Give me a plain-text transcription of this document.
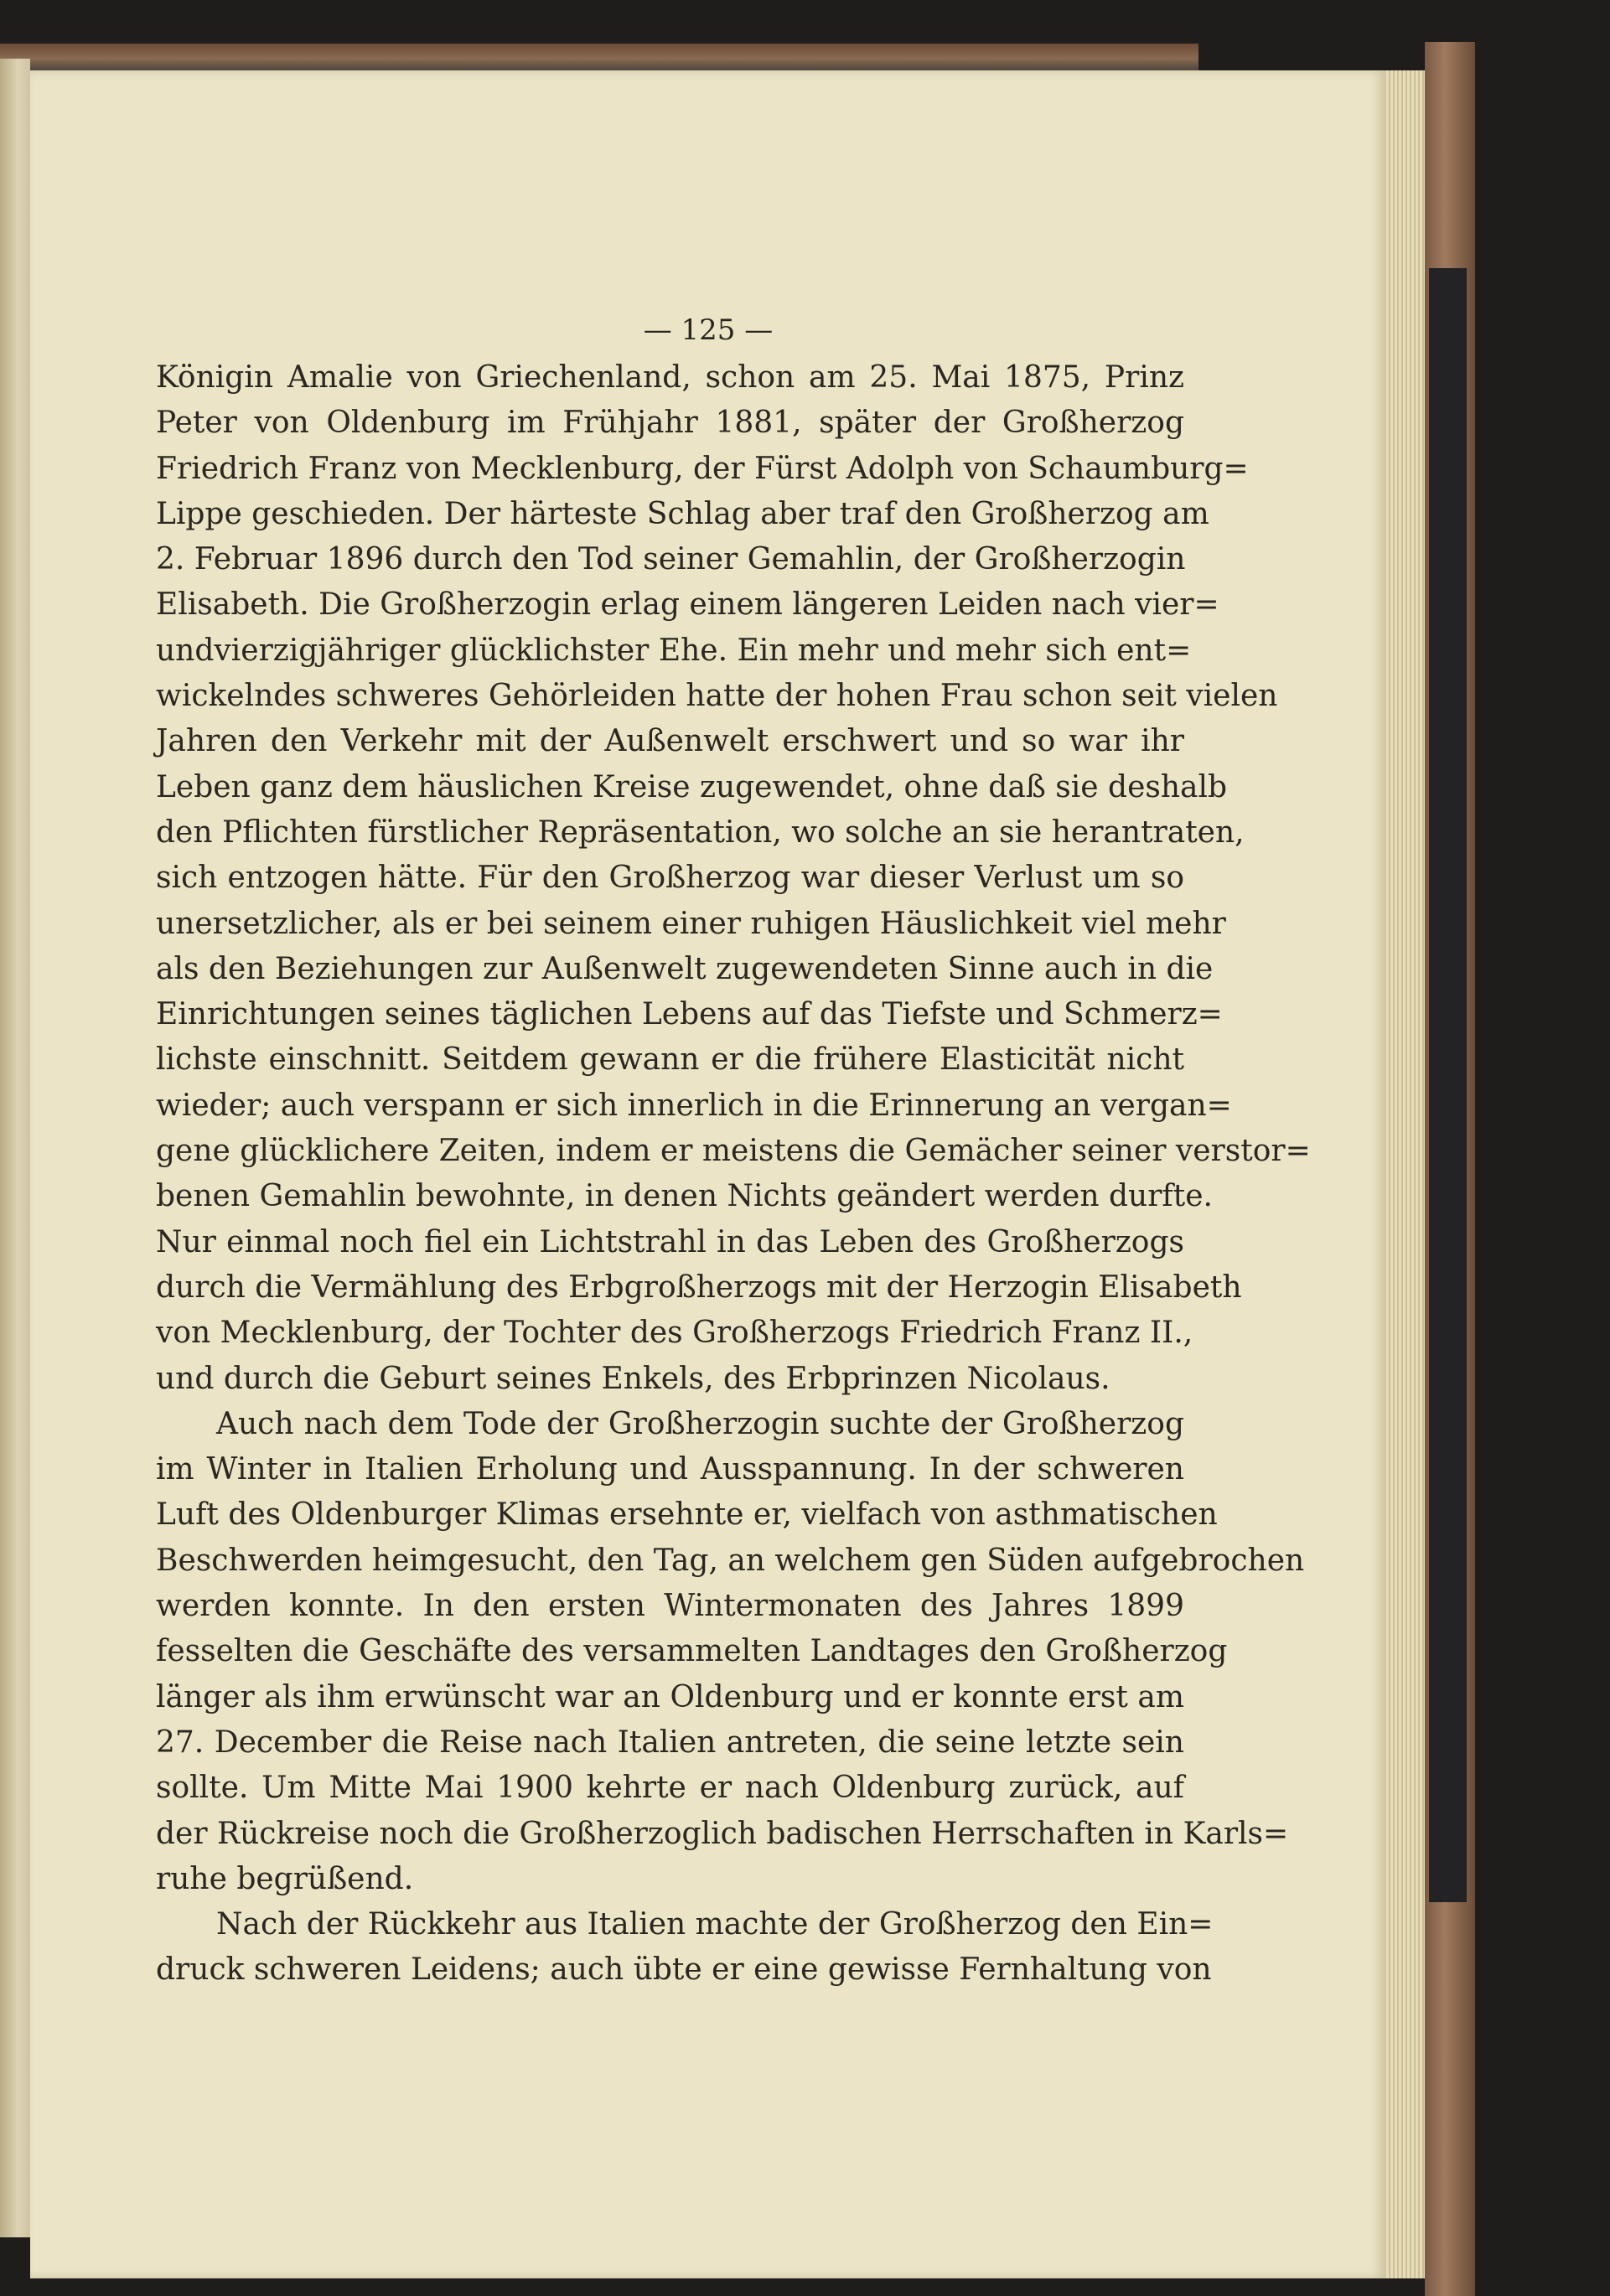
— 125 —
Königin Amalie von Griechenland, schon am 25. Mai 1875, Prinz
Peter von Oldenburg im Frühjahr 1881, später der Großherzog
Friedrich Franz von Mecklenburg, der Fürst Adolph von Schaumburg=
Lippe geschieden. Der härteste Schlag aber traf den Großherzog am
2. Februar 1896 durch den Tod seiner Gemahlin, der Großherzogin
Elisabeth. Die Großherzogin erlag einem längeren Leiden nach vier=
undvierzigjähriger glücklichster Ehe. Ein mehr und mehr sich ent=
wickelndes schweres Gehörleiden hatte der hohen Frau schon seit vielen
Jahren den Verkehr mit der Außenwelt erschwert und so war ihr
Leben ganz dem häuslichen Kreise zugewendet, ohne daß sie deshalb
den Pflichten fürstlicher Repräsentation, wo solche an sie herantraten,
sich entzogen hätte. Für den Großherzog war dieser Verlust um so
unersetzlicher, als er bei seinem einer ruhigen Häuslichkeit viel mehr
als den Beziehungen zur Außenwelt zugewendeten Sinne auch in die
Einrichtungen seines täglichen Lebens auf das Tiefste und Schmerz=
lichste einschnitt. Seitdem gewann er die frühere Elasticität nicht
wieder; auch verspann er sich innerlich in die Erinnerung an vergan=
gene glücklichere Zeiten, indem er meistens die Gemächer seiner verstor=
benen Gemahlin bewohnte, in denen Nichts geändert werden durfte.
Nur einmal noch fiel ein Lichtstrahl in das Leben des Großherzogs
durch die Vermählung des Erbgroßherzogs mit der Herzogin Elisabeth
von Mecklenburg, der Tochter des Großherzogs Friedrich Franz II.,
und durch die Geburt seines Enkels, des Erbprinzen Nicolaus.
Auch nach dem Tode der Großherzogin suchte der Großherzog
im Winter in Italien Erholung und Ausspannung. In der schweren
Luft des Oldenburger Klimas ersehnte er, vielfach von asthmatischen
Beschwerden heimgesucht, den Tag, an welchem gen Süden aufgebrochen
werden konnte. In den ersten Wintermonaten des Jahres 1899
fesselten die Geschäfte des versammelten Landtages den Großherzog
länger als ihm erwünscht war an Oldenburg und er konnte erst am
27. December die Reise nach Italien antreten, die seine letzte sein
sollte. Um Mitte Mai 1900 kehrte er nach Oldenburg zurück, auf
der Rückreise noch die Großherzoglich badischen Herrschaften in Karls=
ruhe begrüßend.
Nach der Rückkehr aus Italien machte der Großherzog den Ein=
druck schweren Leidens; auch übte er eine gewisse Fernhaltung von
